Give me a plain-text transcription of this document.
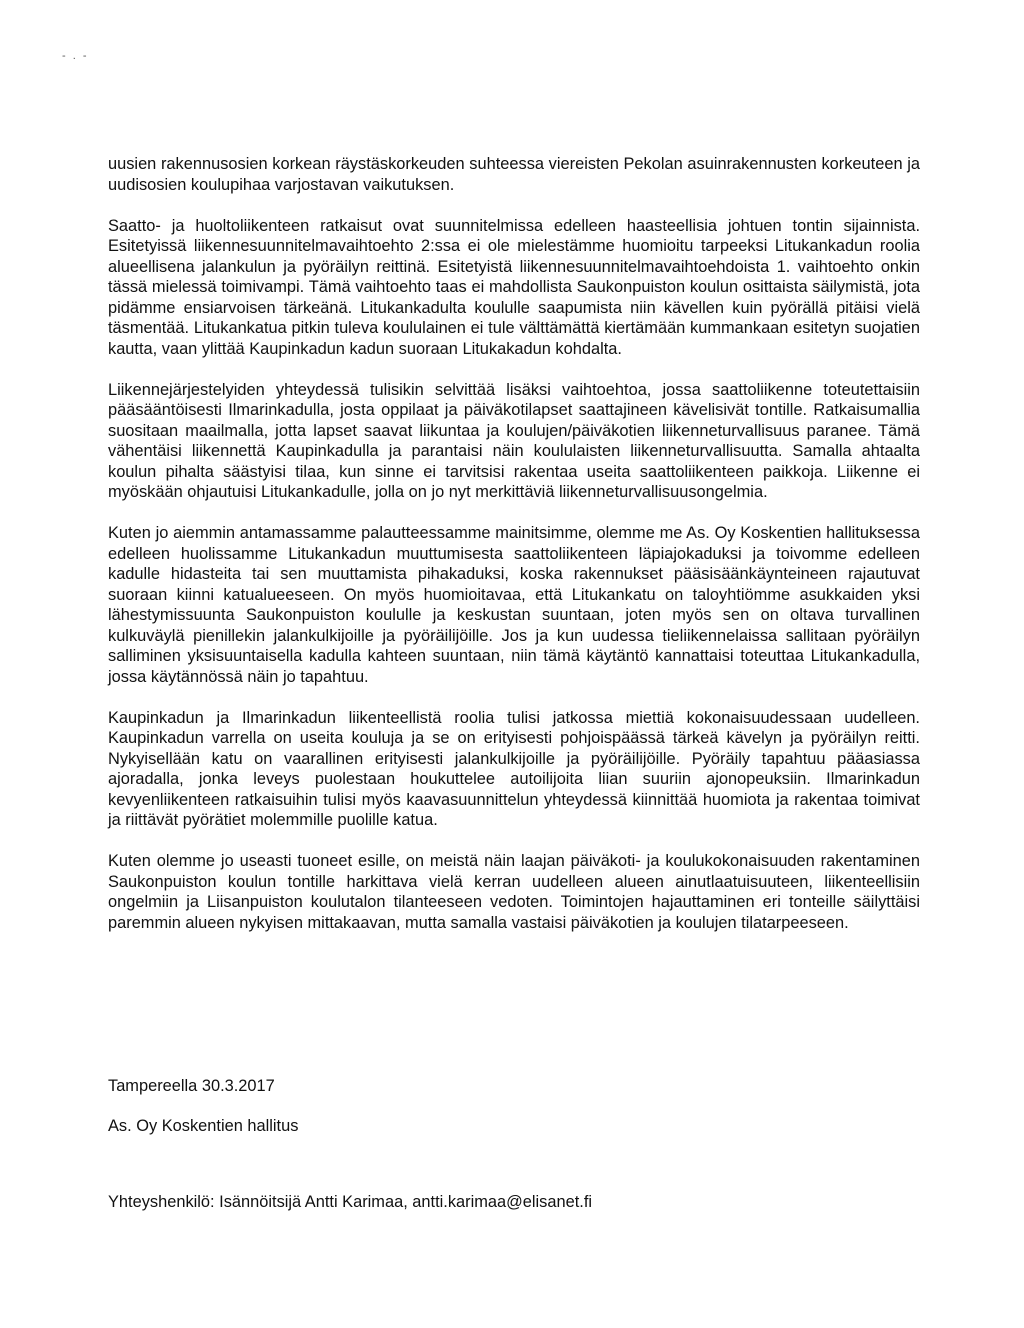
- . -

uusien rakennusosien korkean räystäskorkeuden suhteessa viereisten Pekolan asuinrakennusten korkeuteen ja uudisosien koulupihaa varjostavan vaikutuksen.

Saatto- ja huoltoliikenteen ratkaisut ovat suunnitelmissa edelleen haasteellisia johtuen tontin sijainnista. Esitetyissä liikennesuunnitelmavaihtoehto 2:ssa ei ole mielestämme huomioitu tarpeeksi Litukankadun roolia alueellisena jalankulun ja pyöräilyn reittinä. Esitetyistä liikennesuunnitelmavaihtoehdoista 1. vaihtoehto onkin tässä mielessä toimivampi. Tämä vaihtoehto taas ei mahdollista Saukonpuiston koulun osittaista säilymistä, jota pidämme ensiarvoisen tärkeänä. Litukankadulta koululle saapumista niin kävellen kuin pyörällä pitäisi vielä täsmentää. Litukankatua pitkin tuleva koululainen ei tule välttämättä kiertämään kummankaan esitetyn suojatien kautta, vaan ylittää Kaupinkadun kadun suoraan Litukakadun kohdalta.

Liikennejärjestelyiden yhteydessä tulisikin selvittää lisäksi vaihtoehtoa, jossa saattoliikenne toteutettaisiin pääsääntöisesti Ilmarinkadulla, josta oppilaat ja päiväkotilapset saattajineen kävelisivät tontille. Ratkaisumallia suositaan maailmalla, jotta lapset saavat liikuntaa ja koulujen/päiväkotien liikenneturvallisuus paranee. Tämä vähentäisi liikennettä Kaupinkadulla ja parantaisi näin koululaisten liikenneturvallisuutta. Samalla ahtaalta koulun pihalta säästyisi tilaa, kun sinne ei tarvitsisi rakentaa useita saattoliikenteen paikkoja. Liikenne ei myöskään ohjautuisi Litukankadulle, jolla on jo nyt merkittäviä liikenneturvallisuusongelmia.

Kuten jo aiemmin antamassamme palautteessamme mainitsimme, olemme me As. Oy Koskentien hallituksessa edelleen huolissamme Litukankadun muuttumisesta saattoliikenteen läpiajokaduksi ja toivomme edelleen kadulle hidasteita tai sen muuttamista pihakaduksi, koska rakennukset pääsisäänkäynteineen rajautuvat suoraan kiinni katualueeseen. On myös huomioitavaa, että Litukankatu on taloyhtiömme asukkaiden yksi lähestymissuunta Saukonpuiston koululle ja keskustan suuntaan, joten myös sen on oltava turvallinen kulkuväylä pienillekin jalankulkijoille ja pyöräilijöille. Jos ja kun uudessa tieliikennelaissa sallitaan pyöräilyn salliminen yksisuuntaisella kadulla kahteen suuntaan, niin tämä käytäntö kannattaisi toteuttaa Litukankadulla, jossa käytännössä näin jo tapahtuu.

Kaupinkadun ja Ilmarinkadun liikenteellistä roolia tulisi jatkossa miettiä kokonaisuudessaan uudelleen. Kaupinkadun varrella on useita kouluja ja se on erityisesti pohjoispäässä tärkeä kävelyn ja pyöräilyn reitti. Nykyisellään katu on vaarallinen erityisesti jalankulkijoille ja pyöräilijöille. Pyöräily tapahtuu pääasiassa ajoradalla, jonka leveys puolestaan houkuttelee autoilijoita liian suuriin ajonopeuksiin. Ilmarinkadun kevyenliikenteen ratkaisuihin tulisi myös kaavasuunnittelun yhteydessä kiinnittää huomiota ja rakentaa toimivat ja riittävät pyörätiet molemmille puolille katua.

Kuten olemme jo useasti tuoneet esille, on meistä näin laajan päiväkoti- ja koulukokonaisuuden rakentaminen Saukonpuiston koulun tontille harkittava vielä kerran uudelleen alueen ainutlaatuisuuteen, liikenteellisiin ongelmiin ja Liisanpuiston koulutalon tilanteeseen vedoten. Toimintojen hajauttaminen eri tonteille säilyttäisi paremmin alueen nykyisen mittakaavan, mutta samalla vastaisi päiväkotien ja koulujen tilatarpeeseen.

Tampereella 30.3.2017
As. Oy Koskentien hallitus
Yhteyshenkilö: Isännöitsijä Antti Karimaa, antti.karimaa@elisanet.fi
